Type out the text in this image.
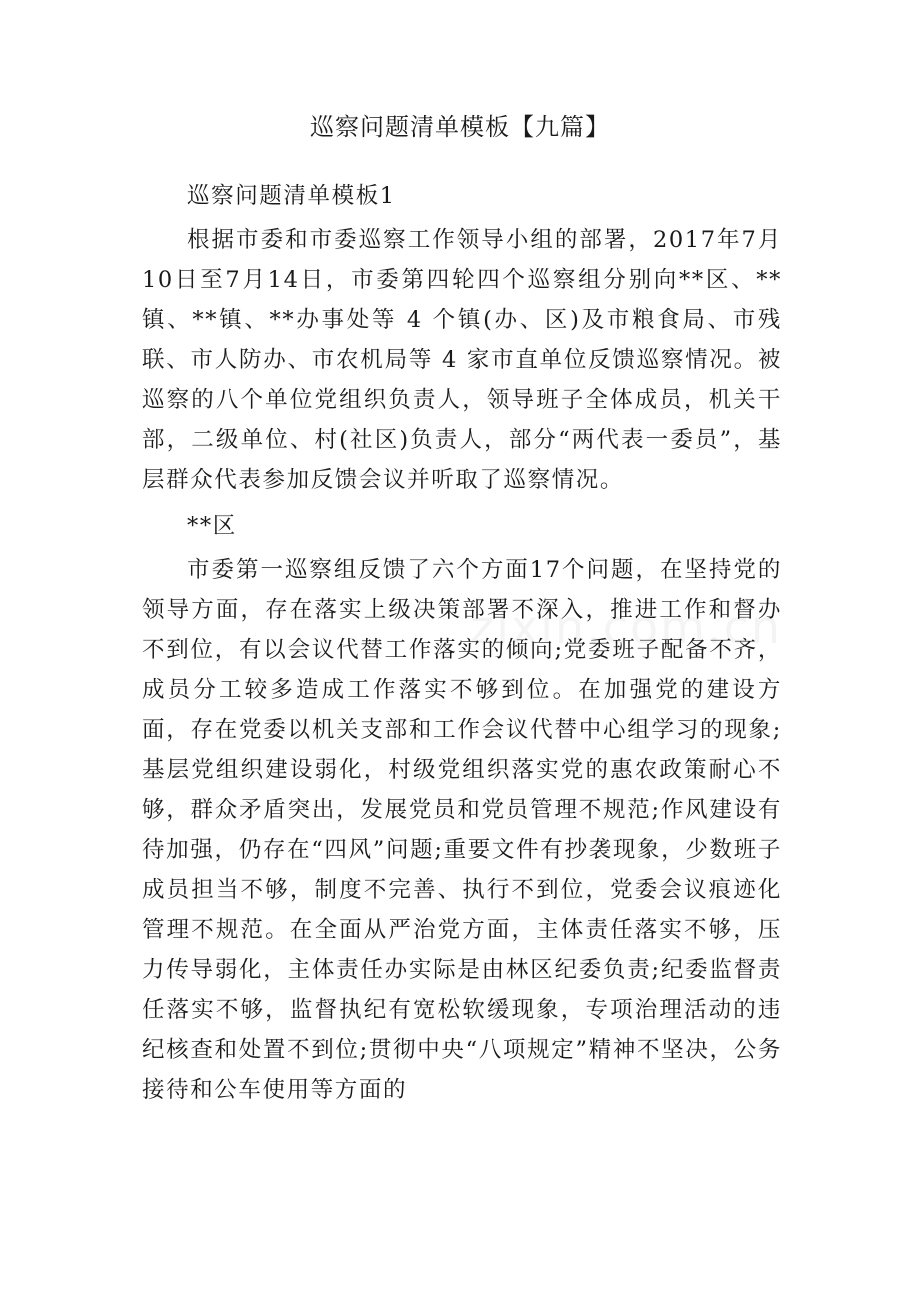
巡察问题清单模板【九篇】

巡察问题清单模板1

根据市委和市委巡察工作领导小组的部署，2017年7月10日至7月14日，市委第四轮四个巡察组分别向**区、**镇、**镇、**办事处等 4 个镇(办、区)及市粮食局、市残联、市人防办、市农机局等 4 家市直单位反馈巡察情况。被巡察的八个单位党组织负责人，领导班子全体成员，机关干部，二级单位、村(社区)负责人，部分“两代表一委员”，基层群众代表参加反馈会议并听取了巡察情况。

**区

市委第一巡察组反馈了六个方面17个问题，在坚持党的领导方面，存在落实上级决策部署不深入，推进工作和督办不到位，有以会议代替工作落实的倾向;党委班子配备不齐，成员分工较多造成工作落实不够到位。在加强党的建设方面，存在党委以机关支部和工作会议代替中心组学习的现象;基层党组织建设弱化，村级党组织落实党的惠农政策耐心不够，群众矛盾突出，发展党员和党员管理不规范;作风建设有待加强，仍存在“四风”问题;重要文件有抄袭现象，少数班子成员担当不够，制度不完善、执行不到位，党委会议痕迹化管理不规范。在全面从严治党方面，主体责任落实不够，压力传导弱化，主体责任办实际是由林区纪委负责;纪委监督责任落实不够，监督执纪有宽松软缓现象，专项治理活动的违纪核查和处置不到位;贯彻中央“八项规定”精神不坚决，公务接待和公车使用等方面的
